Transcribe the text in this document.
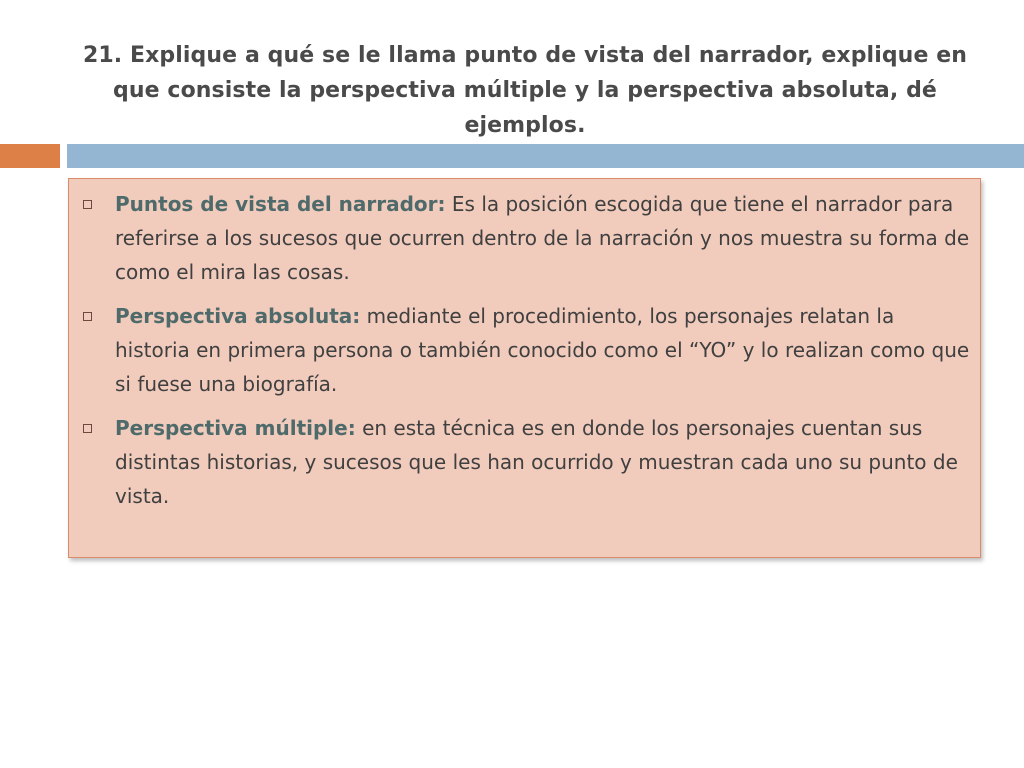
21. Explique a qué se le llama punto de vista del narrador, explique en que consiste la perspectiva múltiple y la perspectiva absoluta, dé ejemplos.
Puntos de vista del narrador: Es la posición escogida que tiene el narrador para referirse a los sucesos que ocurren dentro de la narración y nos muestra su forma de como el mira las cosas.
Perspectiva absoluta: mediante el procedimiento, los personajes relatan la historia en primera persona o también conocido como el “YO” y lo realizan como que si fuese una biografía.
Perspectiva múltiple: en esta técnica es en donde los personajes cuentan sus distintas historias, y sucesos que les han ocurrido y muestran cada uno su punto de vista.
